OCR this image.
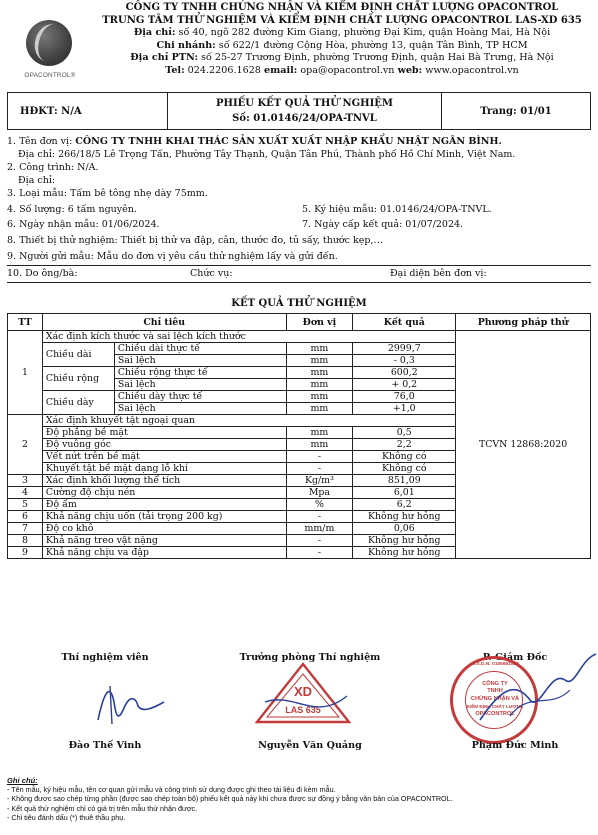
OPACONTROL®
CÔNG TY TNHH CHỨNG NHẬN VÀ KIỂM ĐỊNH CHẤT LƯỢNG OPACONTROL
TRUNG TÂM THỬ NGHIỆM VÀ KIỂM ĐỊNH CHẤT LƯỢNG OPACONTROL LAS-XD 635
Địa chỉ: số 40, ngõ 282 đường Kim Giang, phường Đại Kim, quận Hoàng Mai, Hà Nội
Chi nhánh: số 622/1 đường Cộng Hòa, phường 13, quận Tân Bình, TP HCM
Địa chỉ PTN: số 25-27 Trương Định, phường Trương Định, quận Hai Bà Trưng, Hà Nội
Tel: 024.2206.1628 email: opa@opacontrol.vn web: www.opacontrol.vn
HĐKT: N/A
PHIẾU KẾT QUẢ THỬ NGHIỆM
Số: 01.0146/24/OPA-TNVL
Trang: 01/01
1. Tên đơn vị: CÔNG TY TNHH KHAI THÁC SẢN XUẤT XUẤT NHẬP KHẨU NHẬT NGÂN BÌNH.
Địa chỉ: 266/18/5 Lê Trọng Tấn, Phường Tây Thạnh, Quận Tân Phú, Thành phố Hồ Chí Minh, Việt Nam.
2. Công trình: N/A.
Địa chỉ:
3. Loại mẫu: Tấm bê tông nhẹ dày 75mm.
4. Số lượng: 6 tấm nguyên.	5. Ký hiệu mẫu: 01.0146/24/OPA-TNVL.
6. Ngày nhận mẫu: 01/06/2024.	7. Ngày cấp kết quả: 01/07/2024.
8. Thiết bị thử nghiệm: Thiết bị thử va đập, cân, thước đo, tủ sấy, thước kẹp,…
9. Người gửi mẫu: Mẫu do đơn vị yêu cầu thử nghiệm lấy và gửi đến.
10. Do ông/bà:	Chức vụ:	Đại diện bên đơn vị:
KẾT QUẢ THỬ NGHIỆM
TT	Chỉ tiêu		Đơn vị	Kết quả	Phương pháp thử
1	Xác định kích thước và sai lệch kích thước				TCVN 12868:2020
	Chiều dài	Chiều dài thực tế	mm	2999,7	
		Sai lệch	mm	- 0,3	
	Chiều rộng	Chiều rộng thực tế	mm	600,2	
		Sai lệch	mm	+ 0,2	
	Chiều dày	Chiều dày thực tế	mm	76,0	
		Sai lệch	mm	+1,0	
2	Xác định khuyết tật ngoại quan				
	Độ phẳng bề mặt		mm	0,5	
	Độ vuông góc		mm	2,2	
	Vết nứt trên bề mặt		-	Không có	
	Khuyết tật bề mặt dạng lỗ khí		-	Không có	
3	Xác định khối lượng thể tích		Kg/m³	851,09	
4	Cường độ chịu nén		Mpa	6,01	
5	Độ ẩm		%	6,2	
6	Khả năng chịu uốn (tải trọng 200 kg)		-	Không hư hỏng	
7	Độ co khô		mm/m	0,06	
8	Khả năng treo vật nặng		-	Không hư hỏng	
9	Khả năng chịu va đập		-	Không hư hỏng	
Thí nghiệm viên	Trưởng phòng Thí nghiệm	P. Giám Đốc
XD
LAS 635
CÔNG TY
TNHH
CHỨNG NHẬN VÀ
KIỂM ĐỊNH CHẤT LƯỢNG
OPACONTROL
M.S.D.N: 0106651883
Đào Thế Vinh	Nguyễn Văn Quảng	Phạm Đức Minh
Ghi chú:
- Tên mẫu, ký hiệu mẫu, tên cơ quan gửi mẫu và công trình sử dụng được ghi theo tài liệu đi kèm mẫu.
- Không được sao chép từng phần (được sao chép toàn bộ) phiếu kết quả này khi chưa được sự đồng ý bằng văn bản của OPACONTROL.
- Kết quả thử nghiệm chỉ có giá trị trên mẫu thử nhận được.
- Chỉ tiêu đánh dấu (*) thuê thầu phụ.
